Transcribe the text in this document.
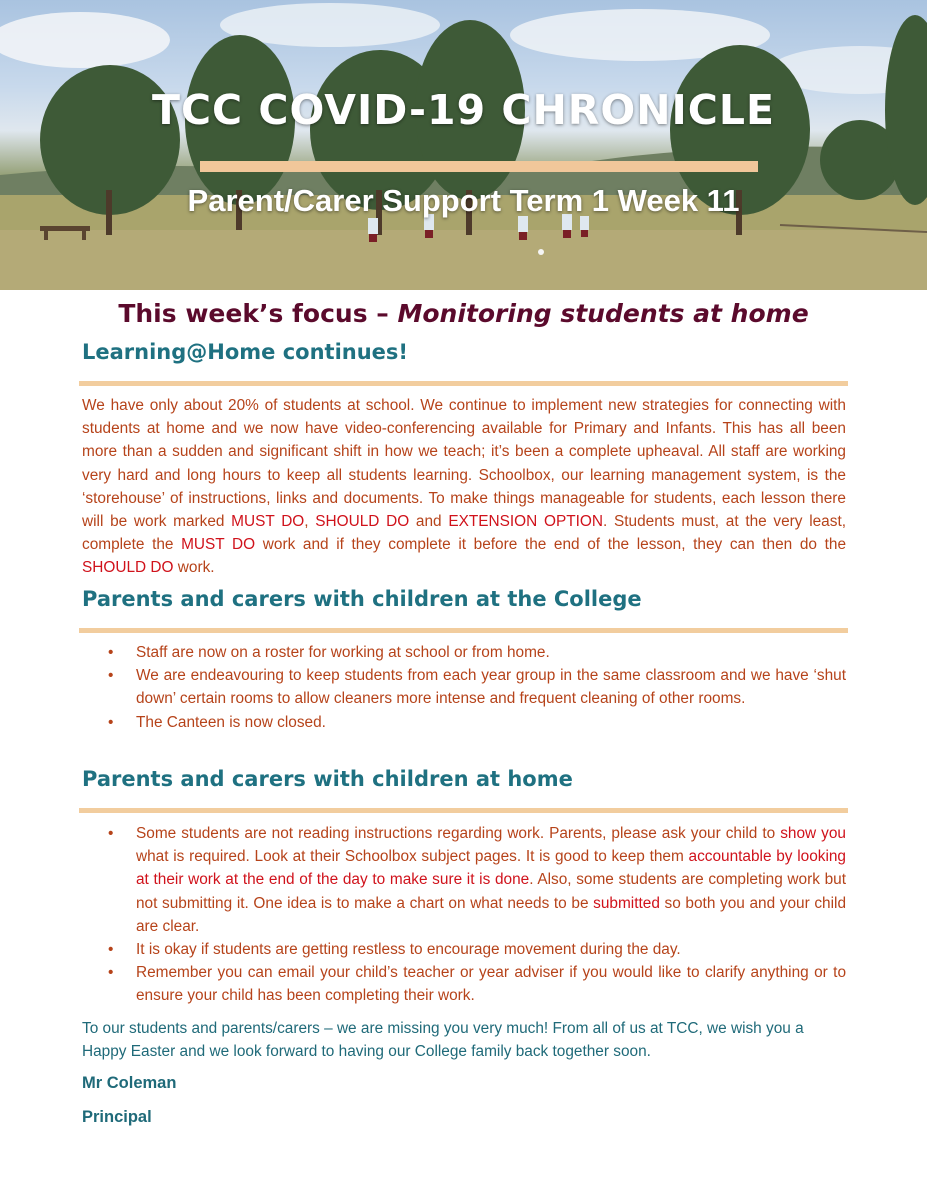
TCC COVID-19 CHRONICLE
Parent/Carer Support Term 1 Week 11
This week’s focus – Monitoring students at home
Learning@Home continues!

We have only about 20% of students at school. We continue to implement new strategies for connecting with students at home and we now have video-conferencing available for Primary and Infants. This has all been more than a sudden and significant shift in how we teach; it’s been a complete upheaval. All staff are working very hard and long hours to keep all students learning. Schoolbox, our learning management system, is the ‘storehouse’ of instructions, links and documents. To make things manageable for students, each lesson there will be work marked MUST DO, SHOULD DO and EXTENSION OPTION. Students must, at the very least, complete the MUST DO work and if they complete it before the end of the lesson, they can then do the SHOULD DO work.

Parents and carers with children at the College
• Staff are now on a roster for working at school or from home.
• We are endeavouring to keep students from each year group in the same classroom and we have ‘shut down’ certain rooms to allow cleaners more intense and frequent cleaning of other rooms.
• The Canteen is now closed.
Parents and carers with children at home
• Some students are not reading instructions regarding work. Parents, please ask your child to show you what is required. Look at their Schoolbox subject pages. It is good to keep them accountable by looking at their work at the end of the day to make sure it is done. Also, some students are completing work but not submitting it. One idea is to make a chart on what needs to be submitted so both you and your child are clear.
• It is okay if students are getting restless to encourage movement during the day.
• Remember you can email your child’s teacher or year adviser if you would like to clarify anything or to ensure your child has been completing their work.

To our students and parents/carers – we are missing you very much! From all of us at TCC, we wish you a Happy Easter and we look forward to having our College family back together soon.

Mr Coleman

Principal
